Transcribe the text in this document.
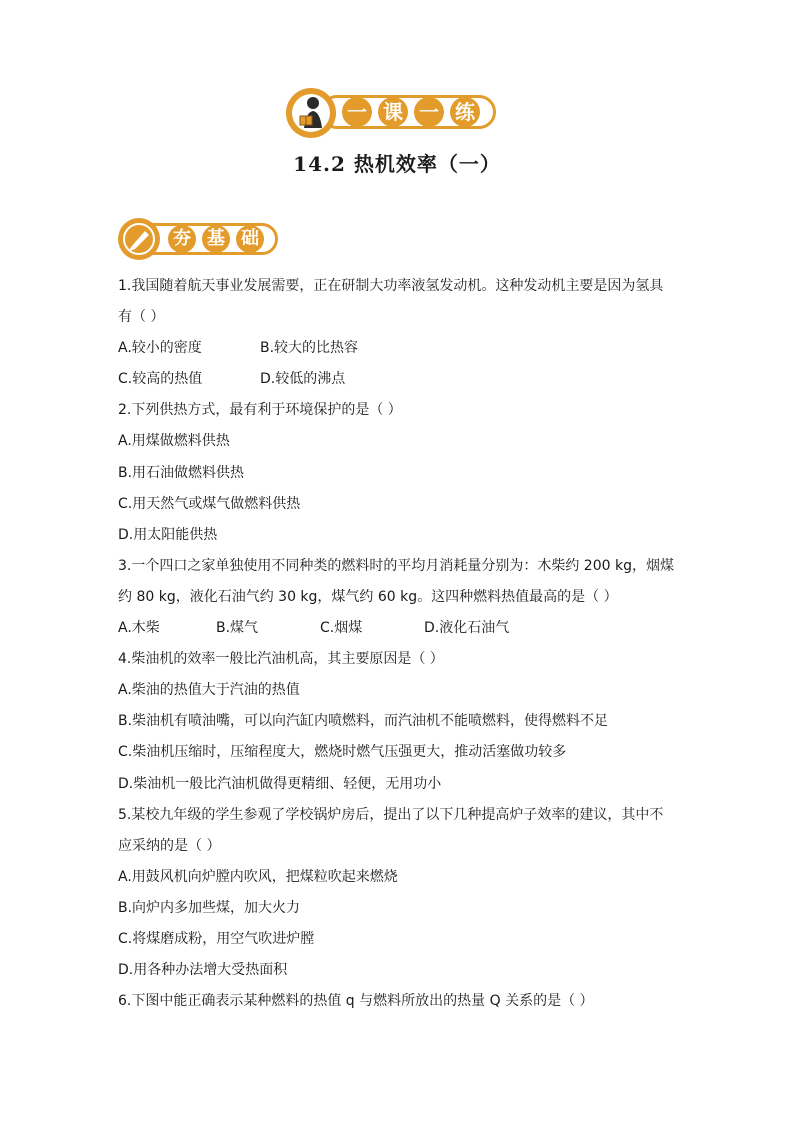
一 课 一 练
14.2 热机效率（一）
夯 基 础
1.我国随着航天事业发展需要，正在研制大功率液氢发动机。这种发动机主要是因为氢具
有（ ）
A.较小的密度	B.较大的比热容
C.较高的热值	D.较低的沸点
2.下列供热方式，最有利于环境保护的是（ ）
A.用煤做燃料供热
B.用石油做燃料供热
C.用天然气或煤气做燃料供热
D.用太阳能供热
3.一个四口之家单独使用不同种类的燃料时的平均月消耗量分别为：木柴约 200 kg，烟煤
约 80 kg，液化石油气约 30 kg，煤气约 60 kg。这四种燃料热值最高的是（ ）
A.木柴	B.煤气	C.烟煤	D.液化石油气
4.柴油机的效率一般比汽油机高，其主要原因是（ ）
A.柴油的热值大于汽油的热值
B.柴油机有喷油嘴，可以向汽缸内喷燃料，而汽油机不能喷燃料，使得燃料不足
C.柴油机压缩时，压缩程度大，燃烧时燃气压强更大，推动活塞做功较多
D.柴油机一般比汽油机做得更精细、轻便，无用功小
5.某校九年级的学生参观了学校锅炉房后，提出了以下几种提高炉子效率的建议，其中不
应采纳的是（ ）
A.用鼓风机向炉膛内吹风，把煤粒吹起来燃烧
B.向炉内多加些煤，加大火力
C.将煤磨成粉，用空气吹进炉膛
D.用各种办法增大受热面积
6.下图中能正确表示某种燃料的热值 q 与燃料所放出的热量 Q 关系的是（ ）
